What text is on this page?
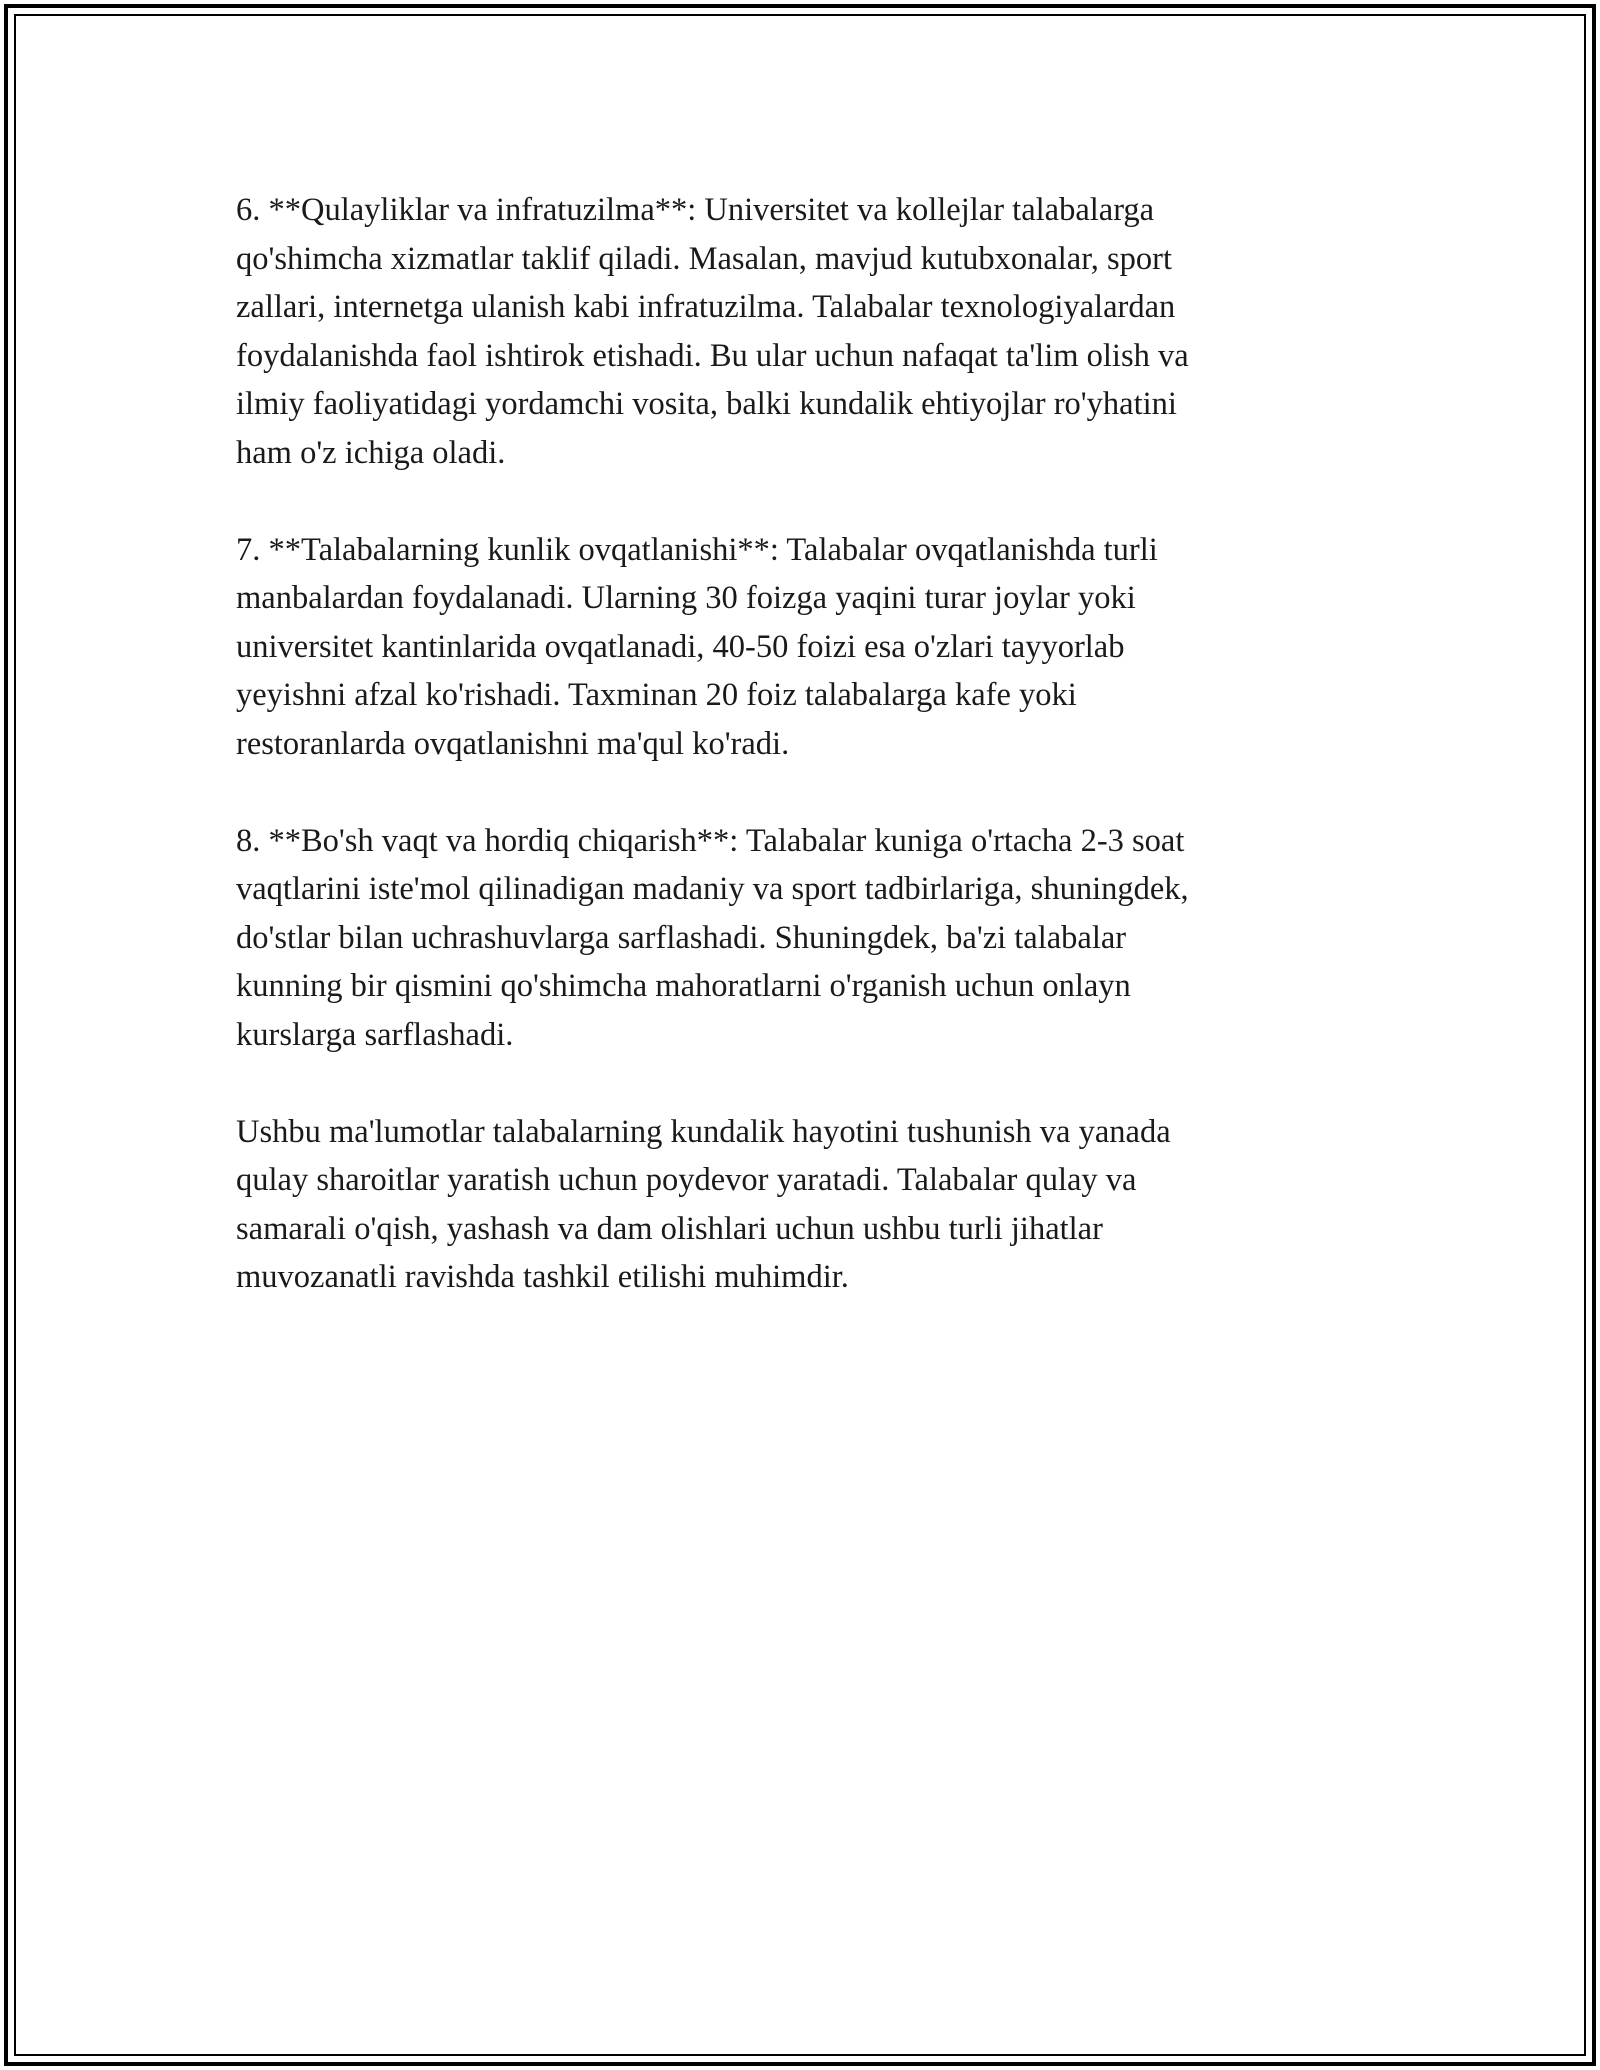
6. **Qulayliklar va infratuzilma**: Universitet va kollejlar talabalarga
qo'shimcha xizmatlar taklif qiladi. Masalan, mavjud kutubxonalar, sport
zallari, internetga ulanish kabi infratuzilma. Talabalar texnologiyalardan
foydalanishda faol ishtirok etishadi. Bu ular uchun nafaqat ta'lim olish va
ilmiy faoliyatidagi yordamchi vosita, balki kundalik ehtiyojlar ro'yhatini
ham o'z ichiga oladi.

7. **Talabalarning kunlik ovqatlanishi**: Talabalar ovqatlanishda turli
manbalardan foydalanadi. Ularning 30 foizga yaqini turar joylar yoki
universitet kantinlarida ovqatlanadi, 40-50 foizi esa o'zlari tayyorlab
yeyishni afzal ko'rishadi. Taxminan 20 foiz talabalarga kafe yoki
restoranlarda ovqatlanishni ma'qul ko'radi.

8. **Bo'sh vaqt va hordiq chiqarish**: Talabalar kuniga o'rtacha 2-3 soat
vaqtlarini iste'mol qilinadigan madaniy va sport tadbirlariga, shuningdek,
do'stlar bilan uchrashuvlarga sarflashadi. Shuningdek, ba'zi talabalar
kunning bir qismini qo'shimcha mahoratlarni o'rganish uchun onlayn
kurslarga sarflashadi.

Ushbu ma'lumotlar talabalarning kundalik hayotini tushunish va yanada
qulay sharoitlar yaratish uchun poydevor yaratadi. Talabalar qulay va
samarali o'qish, yashash va dam olishlari uchun ushbu turli jihatlar
muvozanatli ravishda tashkil etilishi muhimdir.
